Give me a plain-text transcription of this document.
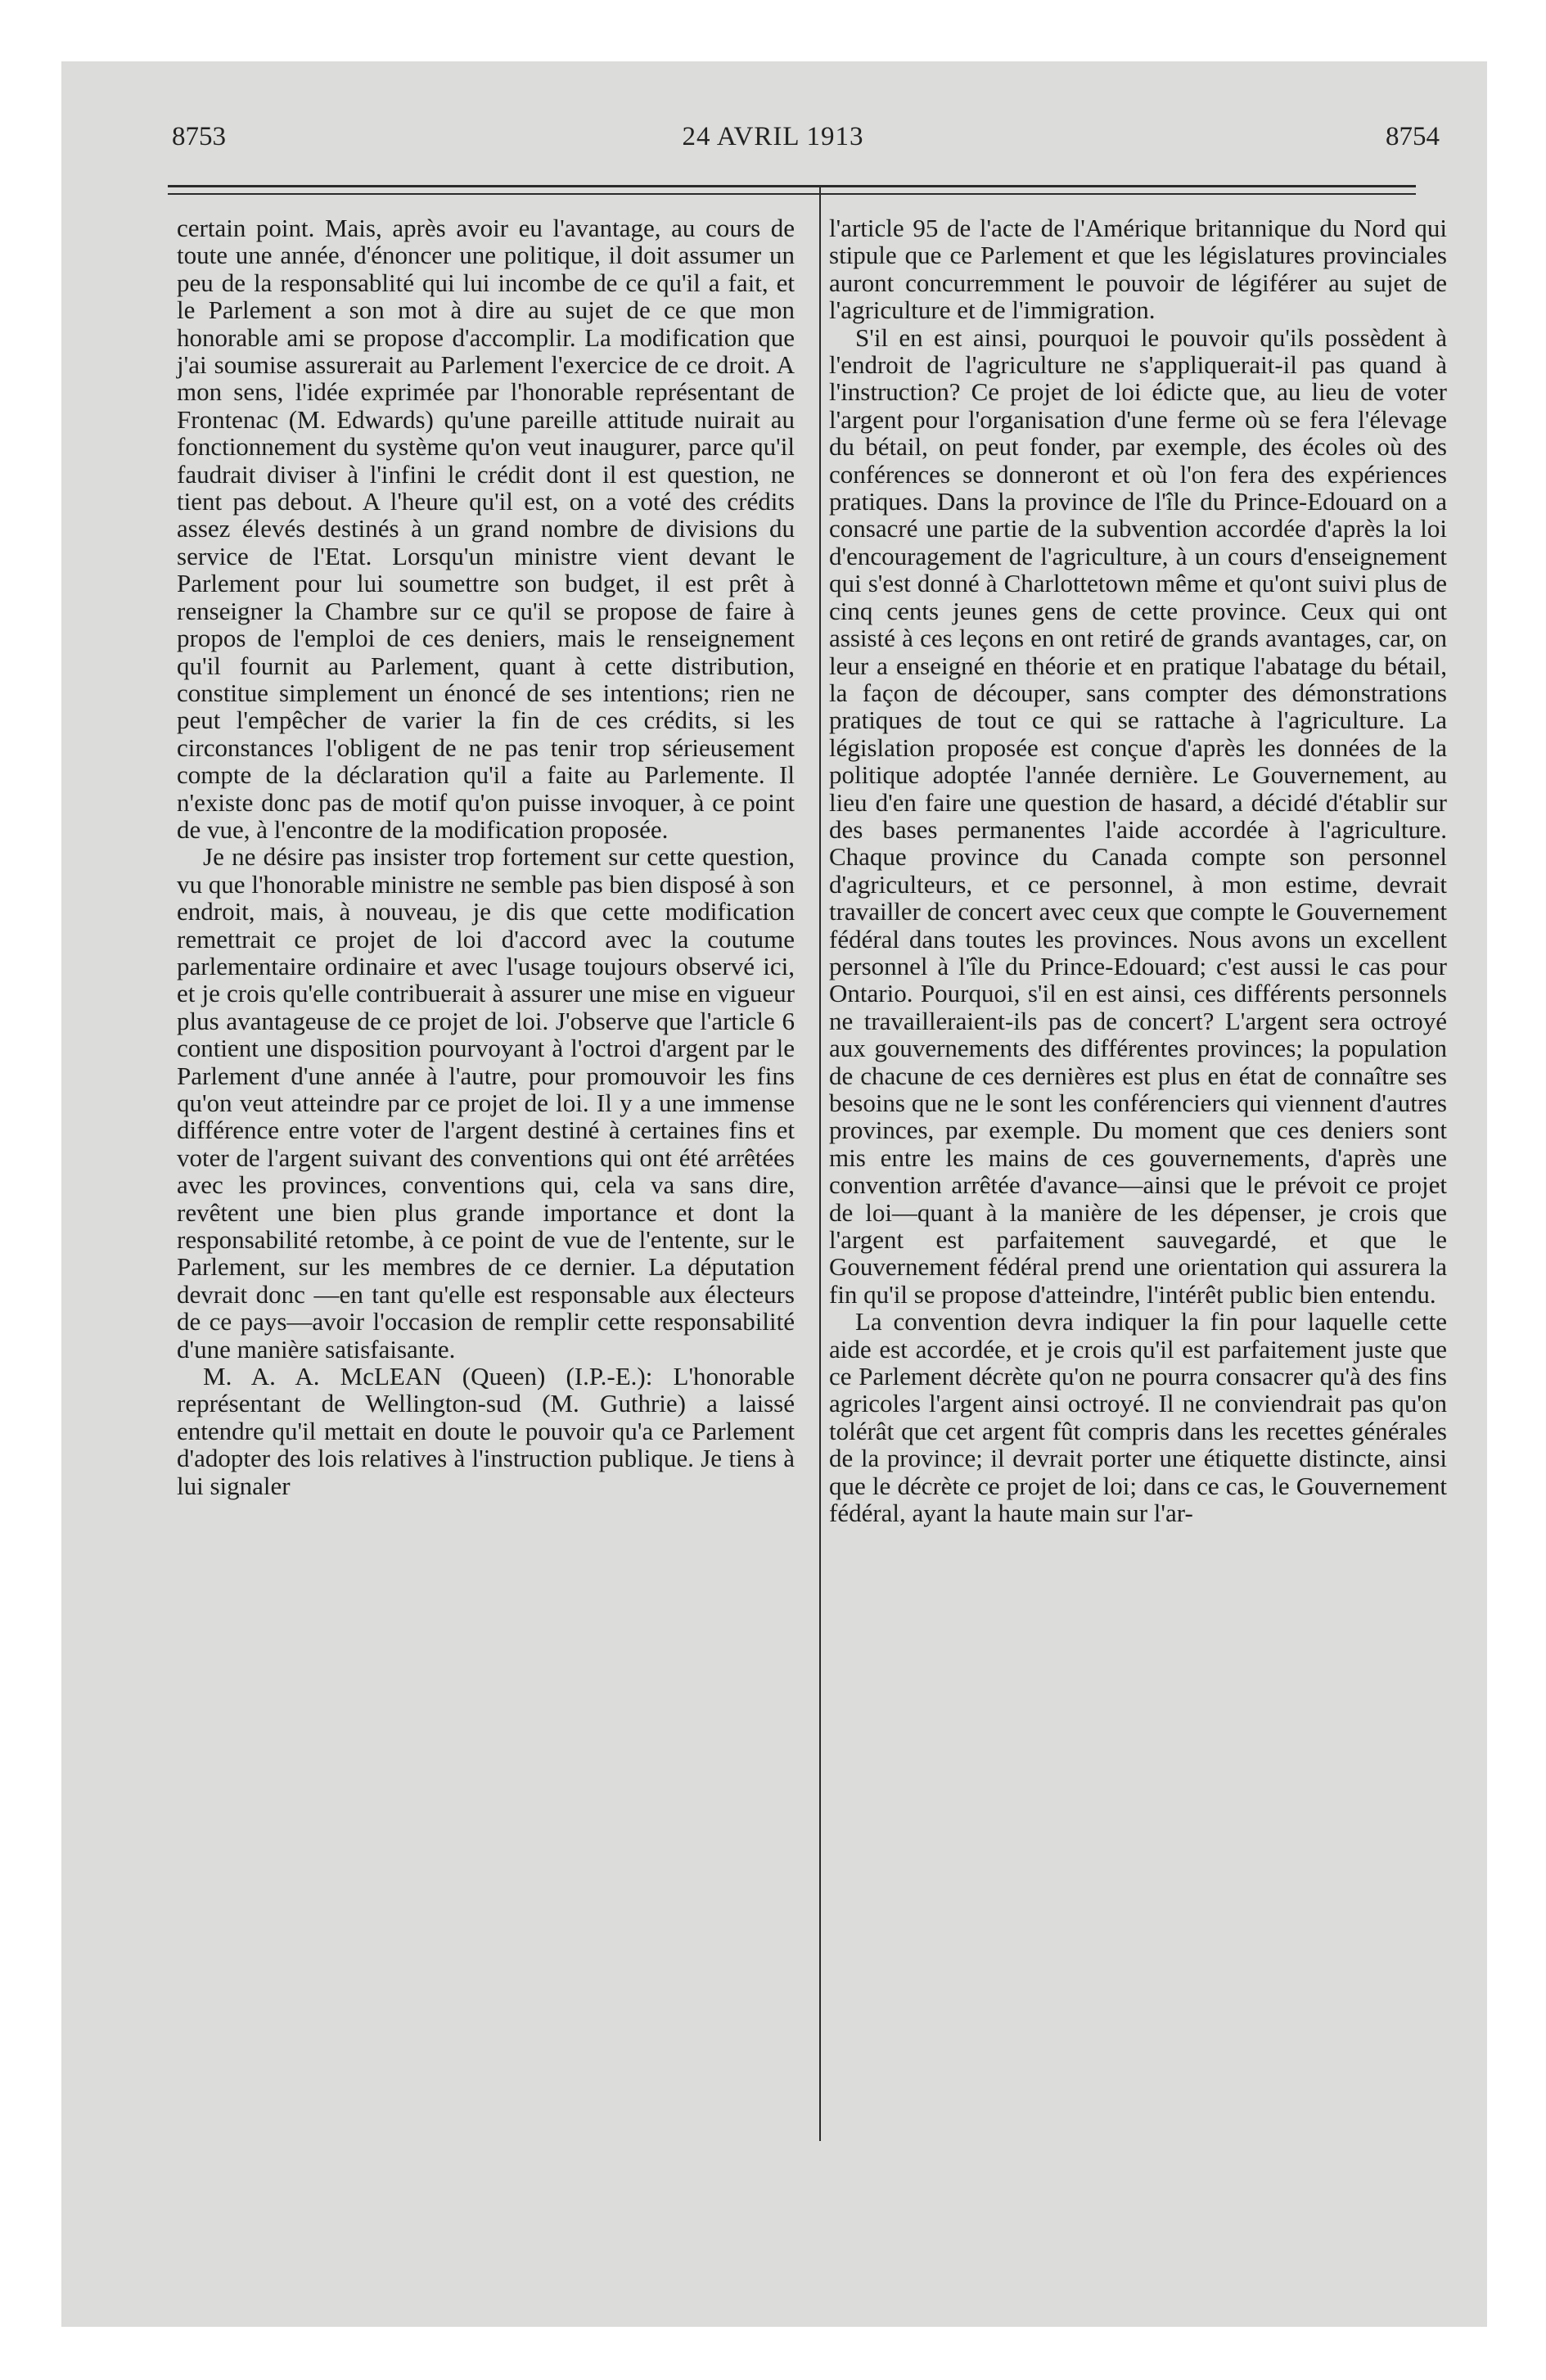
8753	24 AVRIL 1913	8754

certain point. Mais, après avoir eu l'avantage, au cours de toute une année, d'énoncer une politique, il doit assumer un peu de la responsablité qui lui incombe de ce qu'il a fait, et le Parlement a son mot à dire au sujet de ce que mon honorable ami se propose d'accomplir. La modification que j'ai soumise assurerait au Parlement l'exercice de ce droit. A mon sens, l'idée exprimée par l'honorable représentant de Frontenac (M. Edwards) qu'une pareille attitude nuirait au fonctionnement du système qu'on veut inaugurer, parce qu'il faudrait diviser à l'infini le crédit dont il est question, ne tient pas debout. A l'heure qu'il est, on a voté des crédits assez élevés destinés à un grand nombre de divisions du service de l'Etat. Lorsqu'un ministre vient devant le Parlement pour lui soumettre son budget, il est prêt à renseigner la Chambre sur ce qu'il se propose de faire à propos de l'emploi de ces deniers, mais le renseignement qu'il fournit au Parlement, quant à cette distribution, constitue simplement un énoncé de ses intentions; rien ne peut l'empêcher de varier la fin de ces crédits, si les circonstances l'obligent de ne pas tenir trop sérieusement compte de la déclaration qu'il a faite au Parlemente. Il n'existe donc pas de motif qu'on puisse invoquer, à ce point de vue, à l'encontre de la modification proposée.

Je ne désire pas insister trop fortement sur cette question, vu que l'honorable ministre ne semble pas bien disposé à son endroit, mais, à nouveau, je dis que cette modification remettrait ce projet de loi d'accord avec la coutume parlementaire ordinaire et avec l'usage toujours observé ici, et je crois qu'elle contribuerait à assurer une mise en vigueur plus avantageuse de ce projet de loi. J'observe que l'article 6 contient une disposition pourvoyant à l'octroi d'argent par le Parlement d'une année à l'autre, pour promouvoir les fins qu'on veut atteindre par ce projet de loi. Il y a une immense différence entre voter de l'argent destiné à certaines fins et voter de l'argent suivant des conventions qui ont été arrêtées avec les provinces, conventions qui, cela va sans dire, revêtent une bien plus grande importance et dont la responsabilité retombe, à ce point de vue de l'entente, sur le Parlement, sur les membres de ce dernier. La députation devrait donc —en tant qu'elle est responsable aux électeurs de ce pays—avoir l'occasion de remplir cette responsabilité d'une manière satisfaisante.

M. A. A. McLEAN (Queen) (I.P.-E.): L'honorable représentant de Wellington-sud (M. Guthrie) a laissé entendre qu'il mettait en doute le pouvoir qu'a ce Parlement d'adopter des lois relatives à l'instruction publique. Je tiens à lui signaler

l'article 95 de l'acte de l'Amérique britannique du Nord qui stipule que ce Parlement et que les législatures provinciales auront concurremment le pouvoir de légiférer au sujet de l'agriculture et de l'immigration.

S'il en est ainsi, pourquoi le pouvoir qu'ils possèdent à l'endroit de l'agriculture ne s'appliquerait-il pas quand à l'instruction? Ce projet de loi édicte que, au lieu de voter l'argent pour l'organisation d'une ferme où se fera l'élevage du bétail, on peut fonder, par exemple, des écoles où des conférences se donneront et où l'on fera des expériences pratiques. Dans la province de l'île du Prince-Edouard on a consacré une partie de la subvention accordée d'après la loi d'encouragement de l'agriculture, à un cours d'enseignement qui s'est donné à Charlottetown même et qu'ont suivi plus de cinq cents jeunes gens de cette province. Ceux qui ont assisté à ces leçons en ont retiré de grands avantages, car, on leur a enseigné en théorie et en pratique l'abatage du bétail, la façon de découper, sans compter des démonstrations pratiques de tout ce qui se rattache à l'agriculture. La législation proposée est conçue d'après les données de la politique adoptée l'année dernière. Le Gouvernement, au lieu d'en faire une question de hasard, a décidé d'établir sur des bases permanentes l'aide accordée à l'agriculture. Chaque province du Canada compte son personnel d'agriculteurs, et ce personnel, à mon estime, devrait travailler de concert avec ceux que compte le Gouvernement fédéral dans toutes les provinces. Nous avons un excellent personnel à l'île du Prince-Edouard; c'est aussi le cas pour Ontario. Pourquoi, s'il en est ainsi, ces différents personnels ne travailleraient-ils pas de concert? L'argent sera octroyé aux gouvernements des différentes provinces; la population de chacune de ces dernières est plus en état de connaître ses besoins que ne le sont les conférenciers qui viennent d'autres provinces, par exemple. Du moment que ces deniers sont mis entre les mains de ces gouvernements, d'après une convention arrêtée d'avance—ainsi que le prévoit ce projet de loi—quant à la manière de les dépenser, je crois que l'argent est parfaitement sauvegardé, et que le Gouvernement fédéral prend une orientation qui assurera la fin qu'il se propose d'atteindre, l'intérêt public bien entendu.

La convention devra indiquer la fin pour laquelle cette aide est accordée, et je crois qu'il est parfaitement juste que ce Parlement décrète qu'on ne pourra consacrer qu'à des fins agricoles l'argent ainsi octroyé. Il ne conviendrait pas qu'on tolérât que cet argent fût compris dans les recettes générales de la province; il devrait porter une étiquette distincte, ainsi que le décrète ce projet de loi; dans ce cas, le Gouvernement fédéral, ayant la haute main sur l'ar-
